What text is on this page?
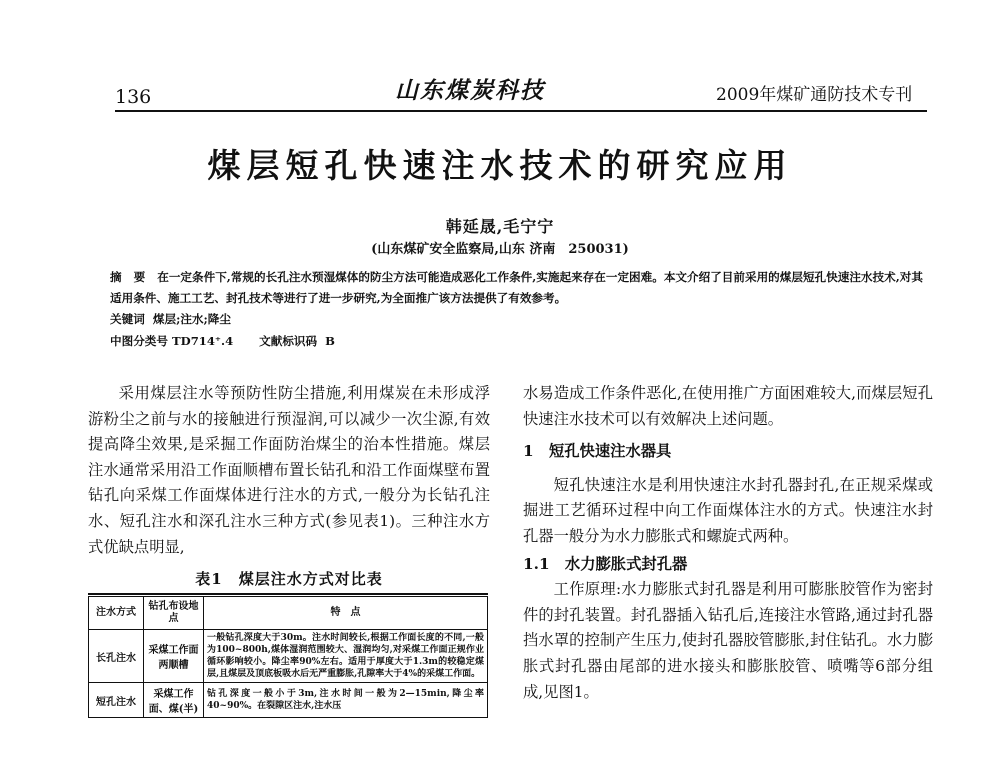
136	山东煤炭科技	2009年煤矿通防技术专刊
煤层短孔快速注水技术的研究应用
韩延晟,毛宁宁
(山东煤矿安全监察局,山东 济南　250031)
摘 要 在一定条件下,常规的长孔注水预湿煤体的防尘方法可能造成恶化工作条件,实施起来存在一定困难。本文介绍了目前采用的煤层短孔快速注水技术,对其适用条件、施工工艺、封孔技术等进行了进一步研究,为全面推广该方法提供了有效参考。
关键词 煤层;注水;降尘
中图分类号 TD714⁺.4 文献标识码 B
采用煤层注水等预防性防尘措施,利用煤炭在未形成浮游粉尘之前与水的接触进行预湿润,可以减少一次尘源,有效提高降尘效果,是采掘工作面防治煤尘的治本性措施。煤层注水通常采用沿工作面顺槽布置长钻孔和沿工作面煤壁布置钻孔向采煤工作面煤体进行注水的方式,一般分为长钻孔注水、短孔注水和深孔注水三种方式(参见表1)。三种注水方式优缺点明显,
表1　煤层注水方式对比表
注水方式	钻孔布设地点	特　点
长孔注水	采煤工作面两顺槽	一般钻孔深度大于30m。注水时间较长,根据工作面长度的不同,一般为100~800h,煤体湿润范围较大、湿润均匀,对采煤工作面正规作业循环影响较小。降尘率90%左右。适用于厚度大于1.3m的较稳定煤层,且煤层及顶底板吸水后无严重膨胀,孔隙率大于4%的采煤工作面。
短孔注水	采煤工作面、煤(半)	钻孔深度一般小于3m,注水时间一般为2—15min,降尘率40~90%。在裂隙区注水,注水压

水易造成工作条件恶化,在使用推广方面困难较大,而煤层短孔快速注水技术可以有效解决上述问题。

1　短孔快速注水器具

短孔快速注水是利用快速注水封孔器封孔,在正规采煤或掘进工艺循环过程中向工作面煤体注水的方式。快速注水封孔器一般分为水力膨胀式和螺旋式两种。

1.1　水力膨胀式封孔器

工作原理:水力膨胀式封孔器是利用可膨胀胶管作为密封件的封孔装置。封孔器插入钻孔后,连接注水管路,通过封孔器挡水罩的控制产生压力,使封孔器胶管膨胀,封住钻孔。水力膨胀式封孔器由尾部的进水接头和膨胀胶管、喷嘴等6部分组成,见图1。
